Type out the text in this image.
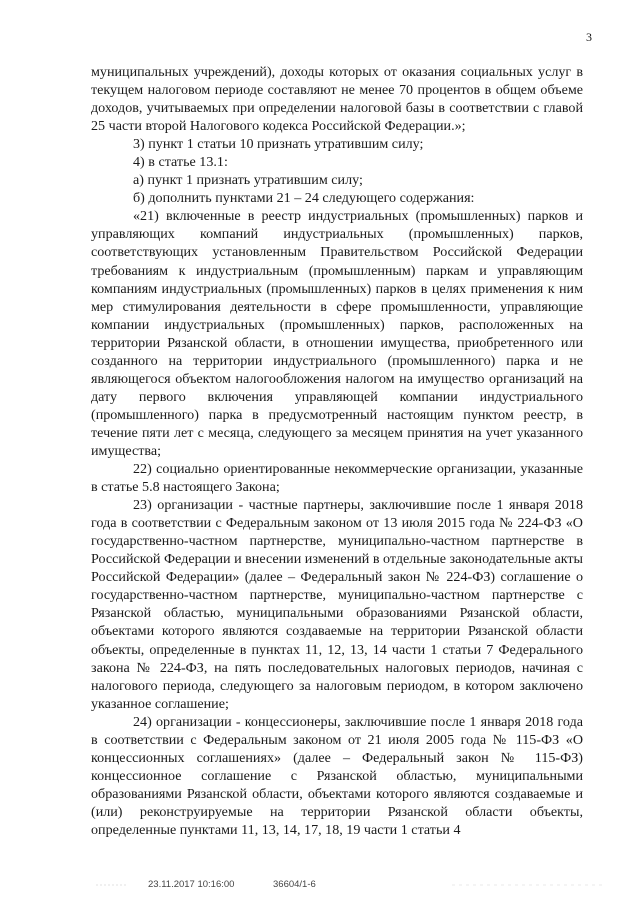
3

муниципальных учреждений), доходы которых от оказания социальных услуг в текущем налоговом периоде составляют не менее 70 процентов в общем объеме доходов, учитываемых при определении налоговой базы в соответствии с главой 25 части второй Налогового кодекса Российской Федерации.»;

3) пункт 1 статьи 10 признать утратившим силу;

4) в статье 13.1:

а) пункт 1 признать утратившим силу;

б) дополнить пунктами 21 – 24 следующего содержания:

«21) включенные в реестр индустриальных (промышленных) парков и управляющих компаний индустриальных (промышленных) парков, соответствующих установленным Правительством Российской Федерации требованиям к индустриальным (промышленным) паркам и управляющим компаниям индустриальных (промышленных) парков в целях применения к ним мер стимулирования деятельности в сфере промышленности, управляющие компании индустриальных (промышленных) парков, расположенных на территории Рязанской области, в отношении имущества, приобретенного или созданного на территории индустриального (промышленного) парка и не являющегося объектом налогообложения налогом на имущество организаций на дату первого включения управляющей компании индустриального (промышленного) парка в предусмотренный настоящим пунктом реестр, в течение пяти лет с месяца, следующего за месяцем принятия на учет указанного имущества;

22) социально ориентированные некоммерческие организации, указанные в статье 5.8 настоящего Закона;

23) организации - частные партнеры, заключившие после 1 января 2018 года в соответствии с Федеральным законом от 13 июля 2015 года № 224-ФЗ «О государственно-частном партнерстве, муниципально-частном партнерстве в Российской Федерации и внесении изменений в отдельные законодательные акты Российской Федерации» (далее – Федеральный закон № 224-ФЗ) соглашение о государственно-частном партнерстве, муниципально-частном партнерстве с Рязанской областью, муниципальными образованиями Рязанской области, объектами которого являются создаваемые на территории Рязанской области объекты, определенные в пунктах 11, 12, 13, 14 части 1 статьи 7 Федерального закона № 224-ФЗ, на пять последовательных налоговых периодов, начиная с налогового периода, следующего за налоговым периодом, в котором заключено указанное соглашение;

24) организации - концессионеры, заключившие после 1 января 2018 года в соответствии с Федеральным законом от 21 июля 2005 года № 115-ФЗ «О концессионных соглашениях» (далее – Федеральный закон № 115-ФЗ) концессионное соглашение с Рязанской областью, муниципальными образованиями Рязанской области, объектами которого являются создаваемые и (или) реконструируемые на территории Рязанской области объекты, определенные пунктами 11, 13, 14, 17, 18, 19 части 1 статьи 4

23.11.2017 10:16:00	36604/1-6
